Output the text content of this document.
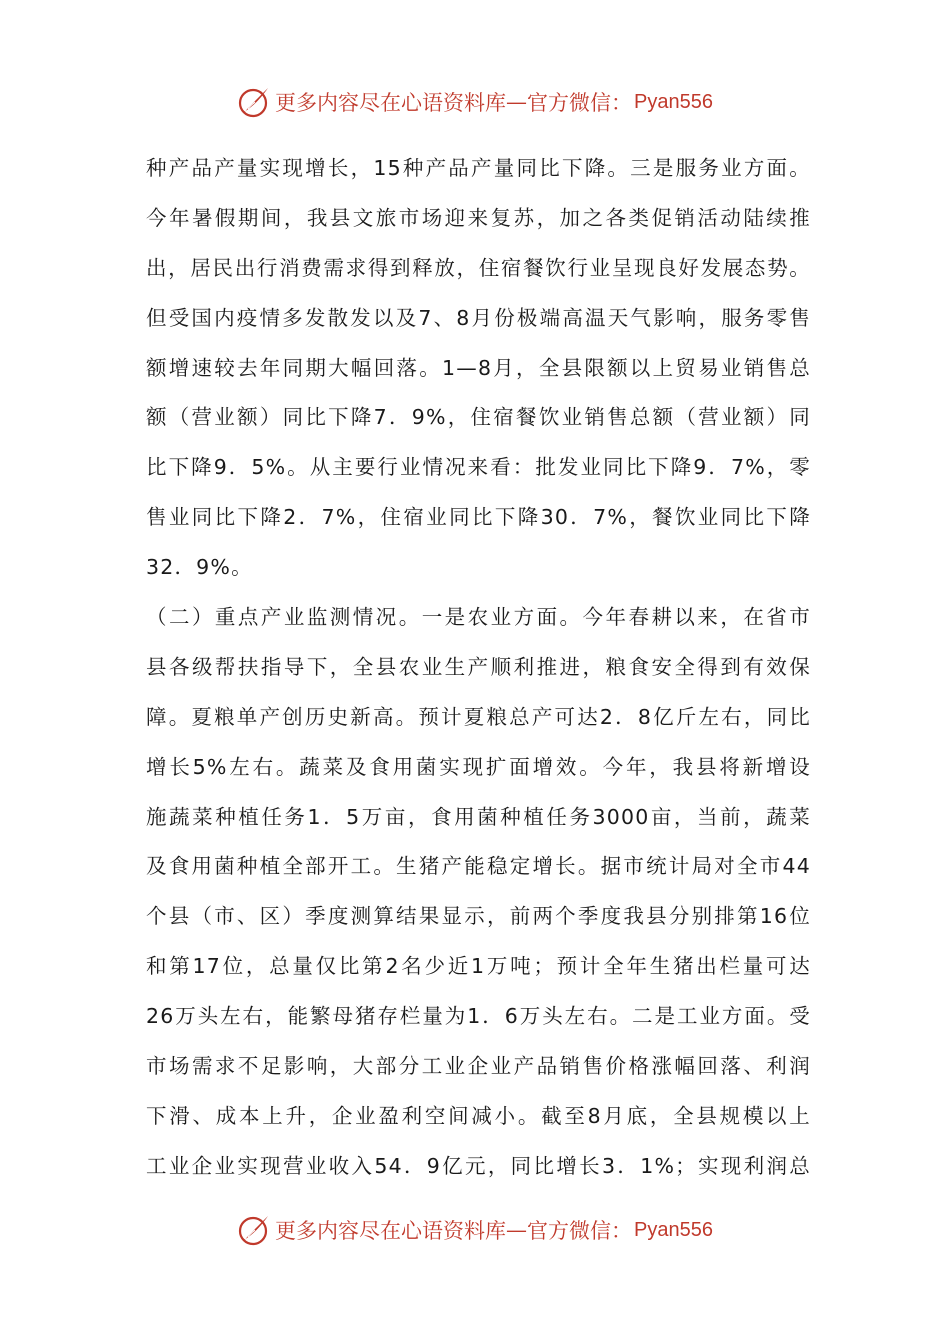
更多内容尽在心语资料库 — 官方微信： Pyan556
种产品产量实现增长，15种产品产量同比下降。三是服务业方面。
今年暑假期间，我县文旅市场迎来复苏，加之各类促销活动陆续推
出，居民出行消费需求得到释放，住宿餐饮行业呈现良好发展态势。
但受国内疫情多发散发以及7、8月份极端高温天气影响，服务零售
额增速较去年同期大幅回落。1—8月，全县限额以上贸易业销售总
额（营业额）同比下降7．9%，住宿餐饮业销售总额（营业额）同
比下降9．5%。从主要行业情况来看：批发业同比下降9．7%，零
售业同比下降2．7%，住宿业同比下降30．7%，餐饮业同比下降
32．9%。
（二）重点产业监测情况。一是农业方面。今年春耕以来，在省市
县各级帮扶指导下，全县农业生产顺利推进，粮食安全得到有效保
障。夏粮单产创历史新高。预计夏粮总产可达2．8亿斤左右，同比
增长5%左右。蔬菜及食用菌实现扩面增效。今年，我县将新增设
施蔬菜种植任务1．5万亩，食用菌种植任务3000亩，当前，蔬菜
及食用菌种植全部开工。生猪产能稳定增长。据市统计局对全市44
个县（市、区）季度测算结果显示，前两个季度我县分别排第16位
和第17位，总量仅比第2名少近1万吨；预计全年生猪出栏量可达
26万头左右，能繁母猪存栏量为1．6万头左右。二是工业方面。受
市场需求不足影响，大部分工业企业产品销售价格涨幅回落、利润
下滑、成本上升，企业盈利空间减小。截至8月底，全县规模以上
工业企业实现营业收入54．9亿元，同比增长3．1%；实现利润总
更多内容尽在心语资料库 — 官方微信： Pyan556
